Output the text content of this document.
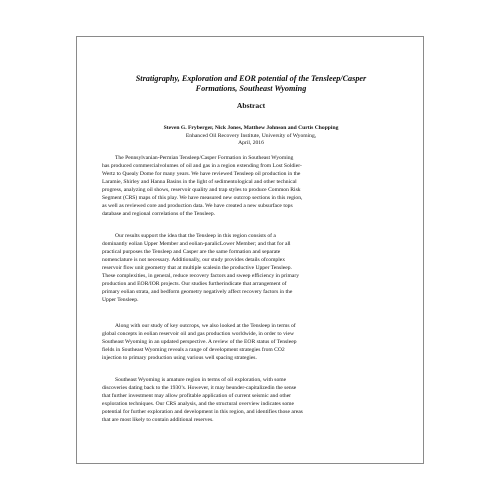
Stratigraphy, Exploration and EOR potential of the Tensleep/Casper
Formations, Southeast Wyoming
Abstract
Steven G. Fryberger, Nick Jones, Matthew Johnson and Curtis Chopping
Enhanced Oil Recovery Institute, University of Wyoming,
April, 2016
The Pennsylvanian-Permian Tensleep/Casper Formation in Southeast Wyoming
has produced commercialvolumes of oil and gas in a region extending from Lost Soldier-
Wertz to Quealy Dome for many years. We have reviewed Tensleep oil production in the
Laramie, Shirley and Hanna Basins in the light of sedimentological and other technical
progress, analyzing oil shows, reservoir quality and trap styles to produce Common Risk
Segment (CRS) maps of this play. We have measured new outcrop sections in this region,
as well as reviewed core and production data. We have created a new subsurface tops
database and regional correlations of the Tensleep.
Our results support the idea that the Tensleep in this region consists of a
dominantly eolian Upper Member and eolian-paralicLower Member; and that for all
practical purposes the Tensleep and Casper are the same formation and separate
nomenclature is not necessary. Additionally, our study provides details ofcomplex
reservoir flow unit geometry that at multiple scalesin the productive Upper Tensleep.
These complexities, in general, reduce recovery factors and sweep efficiency in primary
production and EOR/IOR projects. Our studies furtherindicate that arrangement of
primary eolian strata, and bedform geometry negatively affect recovery factors in the
Upper Tensleep.
Along with our study of key outcrops, we also looked at the Tensleep in terms of
global concepts in eolian reservoir oil and gas production worldwide, in order to view
Southeast Wyoming in an updated perspective. A review of the EOR status of Tensleep
fields in Southeast Wyoming reveals a range of development strategies from CO2
injection to primary production using various well spacing strategies.
Southeast Wyoming is amature region in terms of oil exploration, with some
discoveries dating back to the 1930’s. However, it may beunder-capitalizedin the sense
that further investment may allow profitable application of current seismic and other
exploration techniques. Our CRS analysis, and the structural overview indicates some
potential for further exploration and development in this region, and identifies those areas
that are most likely to contain additional reserves.
